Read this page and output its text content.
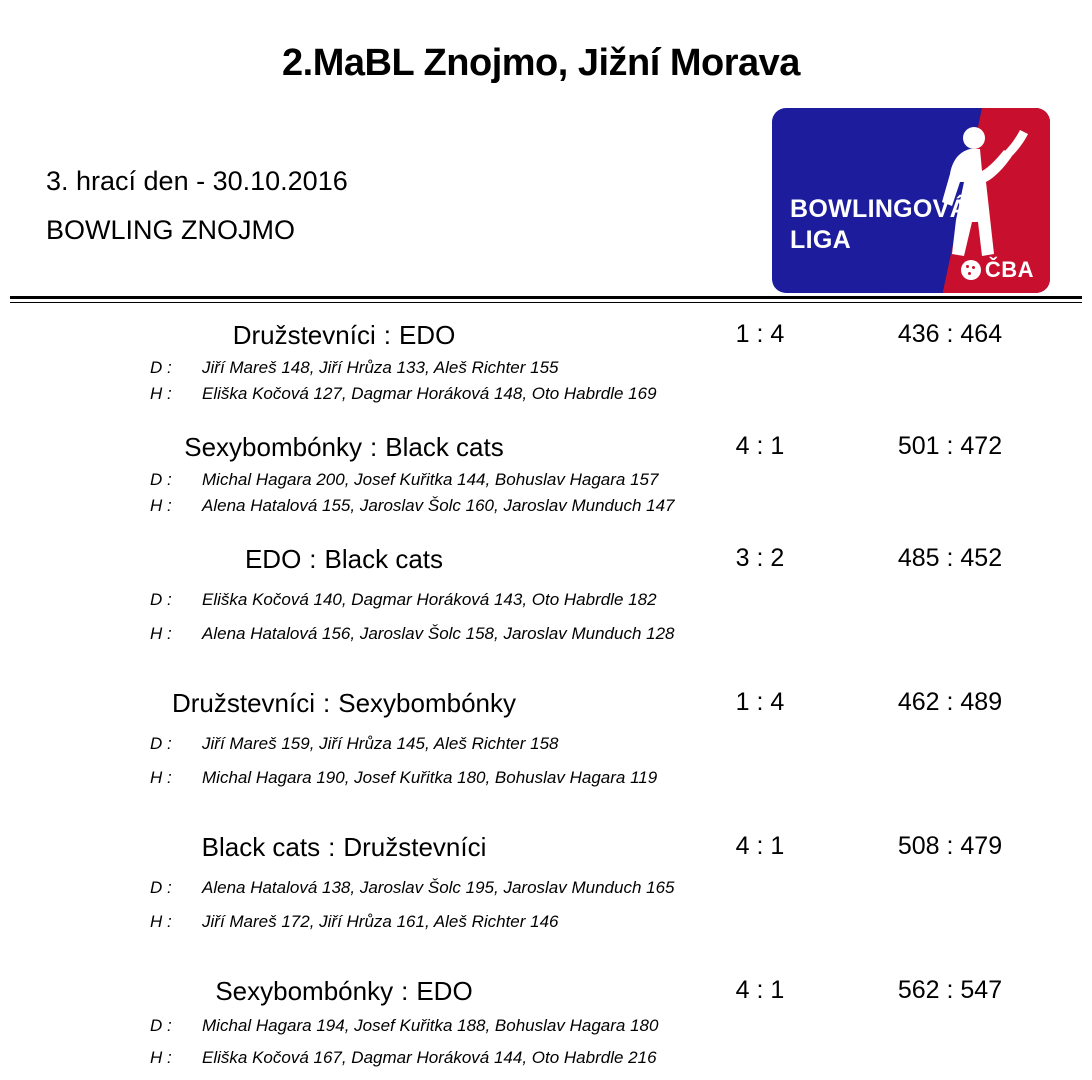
2.MaBL Znojmo, Jižní Morava
3. hrací den - 30.10.2016
BOWLING ZNOJMO
BOWLINGOVÁ
LIGA
ČBA
Družstevníci : EDO	1 : 4	436 : 464
D :	Jiří Mareš 148, Jiří Hrůza 133, Aleš Richter 155
H :	Eliška Kočová 127, Dagmar Horáková 148, Oto Habrdle 169
Sexybombónky : Black cats	4 : 1	501 : 472
D :	Michal Hagara 200, Josef Kuřitka 144, Bohuslav Hagara 157
H :	Alena Hatalová 155, Jaroslav Šolc 160, Jaroslav Munduch 147
EDO : Black cats	3 : 2	485 : 452
D :	Eliška Kočová 140, Dagmar Horáková 143, Oto Habrdle 182
H :	Alena Hatalová 156, Jaroslav Šolc 158, Jaroslav Munduch 128
Družstevníci : Sexybombónky	1 : 4	462 : 489
D :	Jiří Mareš 159, Jiří Hrůza 145, Aleš Richter 158
H :	Michal Hagara 190, Josef Kuřitka 180, Bohuslav Hagara 119
Black cats : Družstevníci	4 : 1	508 : 479
D :	Alena Hatalová 138, Jaroslav Šolc 195, Jaroslav Munduch 165
H :	Jiří Mareš 172, Jiří Hrůza 161, Aleš Richter 146
Sexybombónky : EDO	4 : 1	562 : 547
D :	Michal Hagara 194, Josef Kuřitka 188, Bohuslav Hagara 180
H :	Eliška Kočová 167, Dagmar Horáková 144, Oto Habrdle 216
